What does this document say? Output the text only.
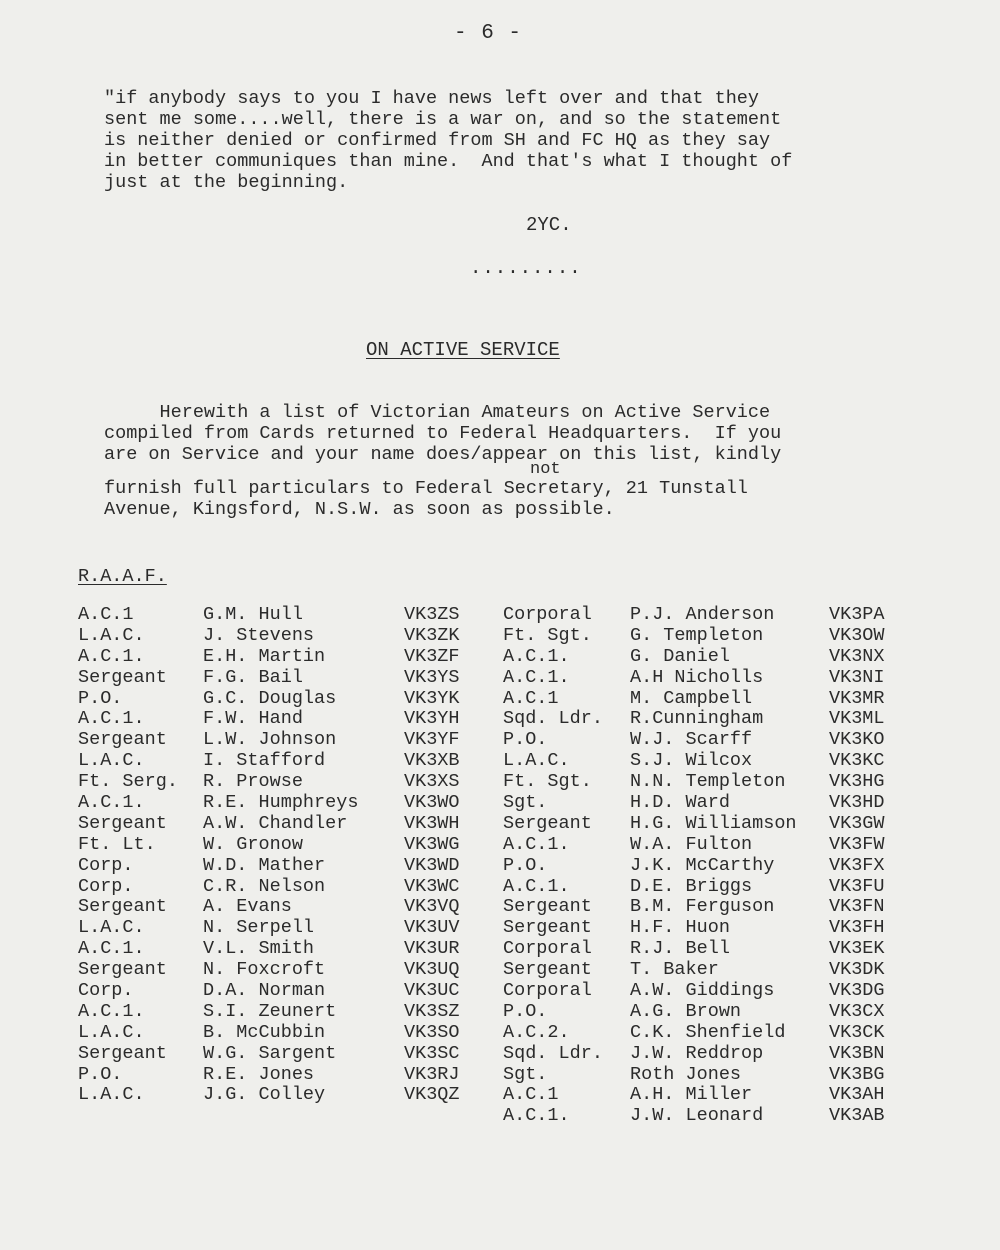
- 6 -
"if anybody says to you I have news left over and that they
sent me some....well, there is a war on, and so the statement
is neither denied or confirmed from SH and FC HQ as they say
in better communiques than mine.  And that's what I thought of
just at the beginning.
2YC.
.........
ON ACTIVE SERVICE
Herewith a list of Victorian Amateurs on Active Service
compiled from Cards returned to Federal Headquarters.  If you
are on Service and your name does/appear on this list, kindly
not
furnish full particulars to Federal Secretary, 21 Tunstall
Avenue, Kingsford, N.S.W. as soon as possible.
R.A.A.F.
A.C.1	G.M. Hull	VK3ZS
L.A.C.	J. Stevens	VK3ZK
A.C.1.	E.H. Martin	VK3ZF
Sergeant F.G. Bail	VK3YS
P.O.	G.C. Douglas	VK3YK
A.C.1.	F.W. Hand	VK3YH
Sergeant L.W. Johnson	VK3YF
L.A.C.	I. Stafford	VK3XB
Ft. Serg. R. Prowse	VK3XS
A.C.1.	R.E. Humphreys VK3WO
Sergeant A.W. Chandler	VK3WH
Ft. Lt.	W. Gronow	VK3WG
Corp.	W.D. Mather	VK3WD
Corp.	C.R. Nelson	VK3WC
Sergeant A. Evans	VK3VQ
L.A.C.	N. Serpell	VK3UV
A.C.1.	V.L. Smith	VK3UR
Sergeant N. Foxcroft	VK3UQ
Corp.	D.A. Norman	VK3UC
A.C.1.	S.I. Zeunert	VK3SZ
L.A.C.	B. McCubbin	VK3SO
Sergeant W.G. Sargent	VK3SC
P.O.	R.E. Jones	VK3RJ
L.A.C.	J.G. Colley	VK3QZ
Corporal P.J. Anderson	VK3PA
Ft. Sgt. G. Templeton	VK3OW
A.C.1.	G. Daniel	VK3NX
A.C.1.	A.H Nicholls	VK3NI
A.C.1	M. Campbell	VK3MR
Sqd. Ldr. R.Cunningham	VK3ML
P.O.	W.J. Scarff	VK3KO
L.A.C.	S.J. Wilcox	VK3KC
Ft. Sgt. N.N. Templeton VK3HG
Sgt.	H.D. Ward	VK3HD
Sergeant H.G. Williamson VK3GW
A.C.1.	W.A. Fulton	VK3FW
P.O.	J.K. McCarthy	VK3FX
A.C.1.	D.E. Briggs	VK3FU
Sergeant B.M. Ferguson	VK3FN
Sergeant H.F. Huon	VK3FH
Corporal R.J. Bell	VK3EK
Sergeant T. Baker	VK3DK
Corporal A.W. Giddings	VK3DG
P.O.	A.G. Brown	VK3CX
A.C.2.	C.K. Shenfield VK3CK
Sqd. Ldr. J.W. Reddrop	VK3BN
Sgt.	Roth Jones	VK3BG
A.C.1	A.H. Miller	VK3AH
A.C.1.	J.W. Leonard	VK3AB
